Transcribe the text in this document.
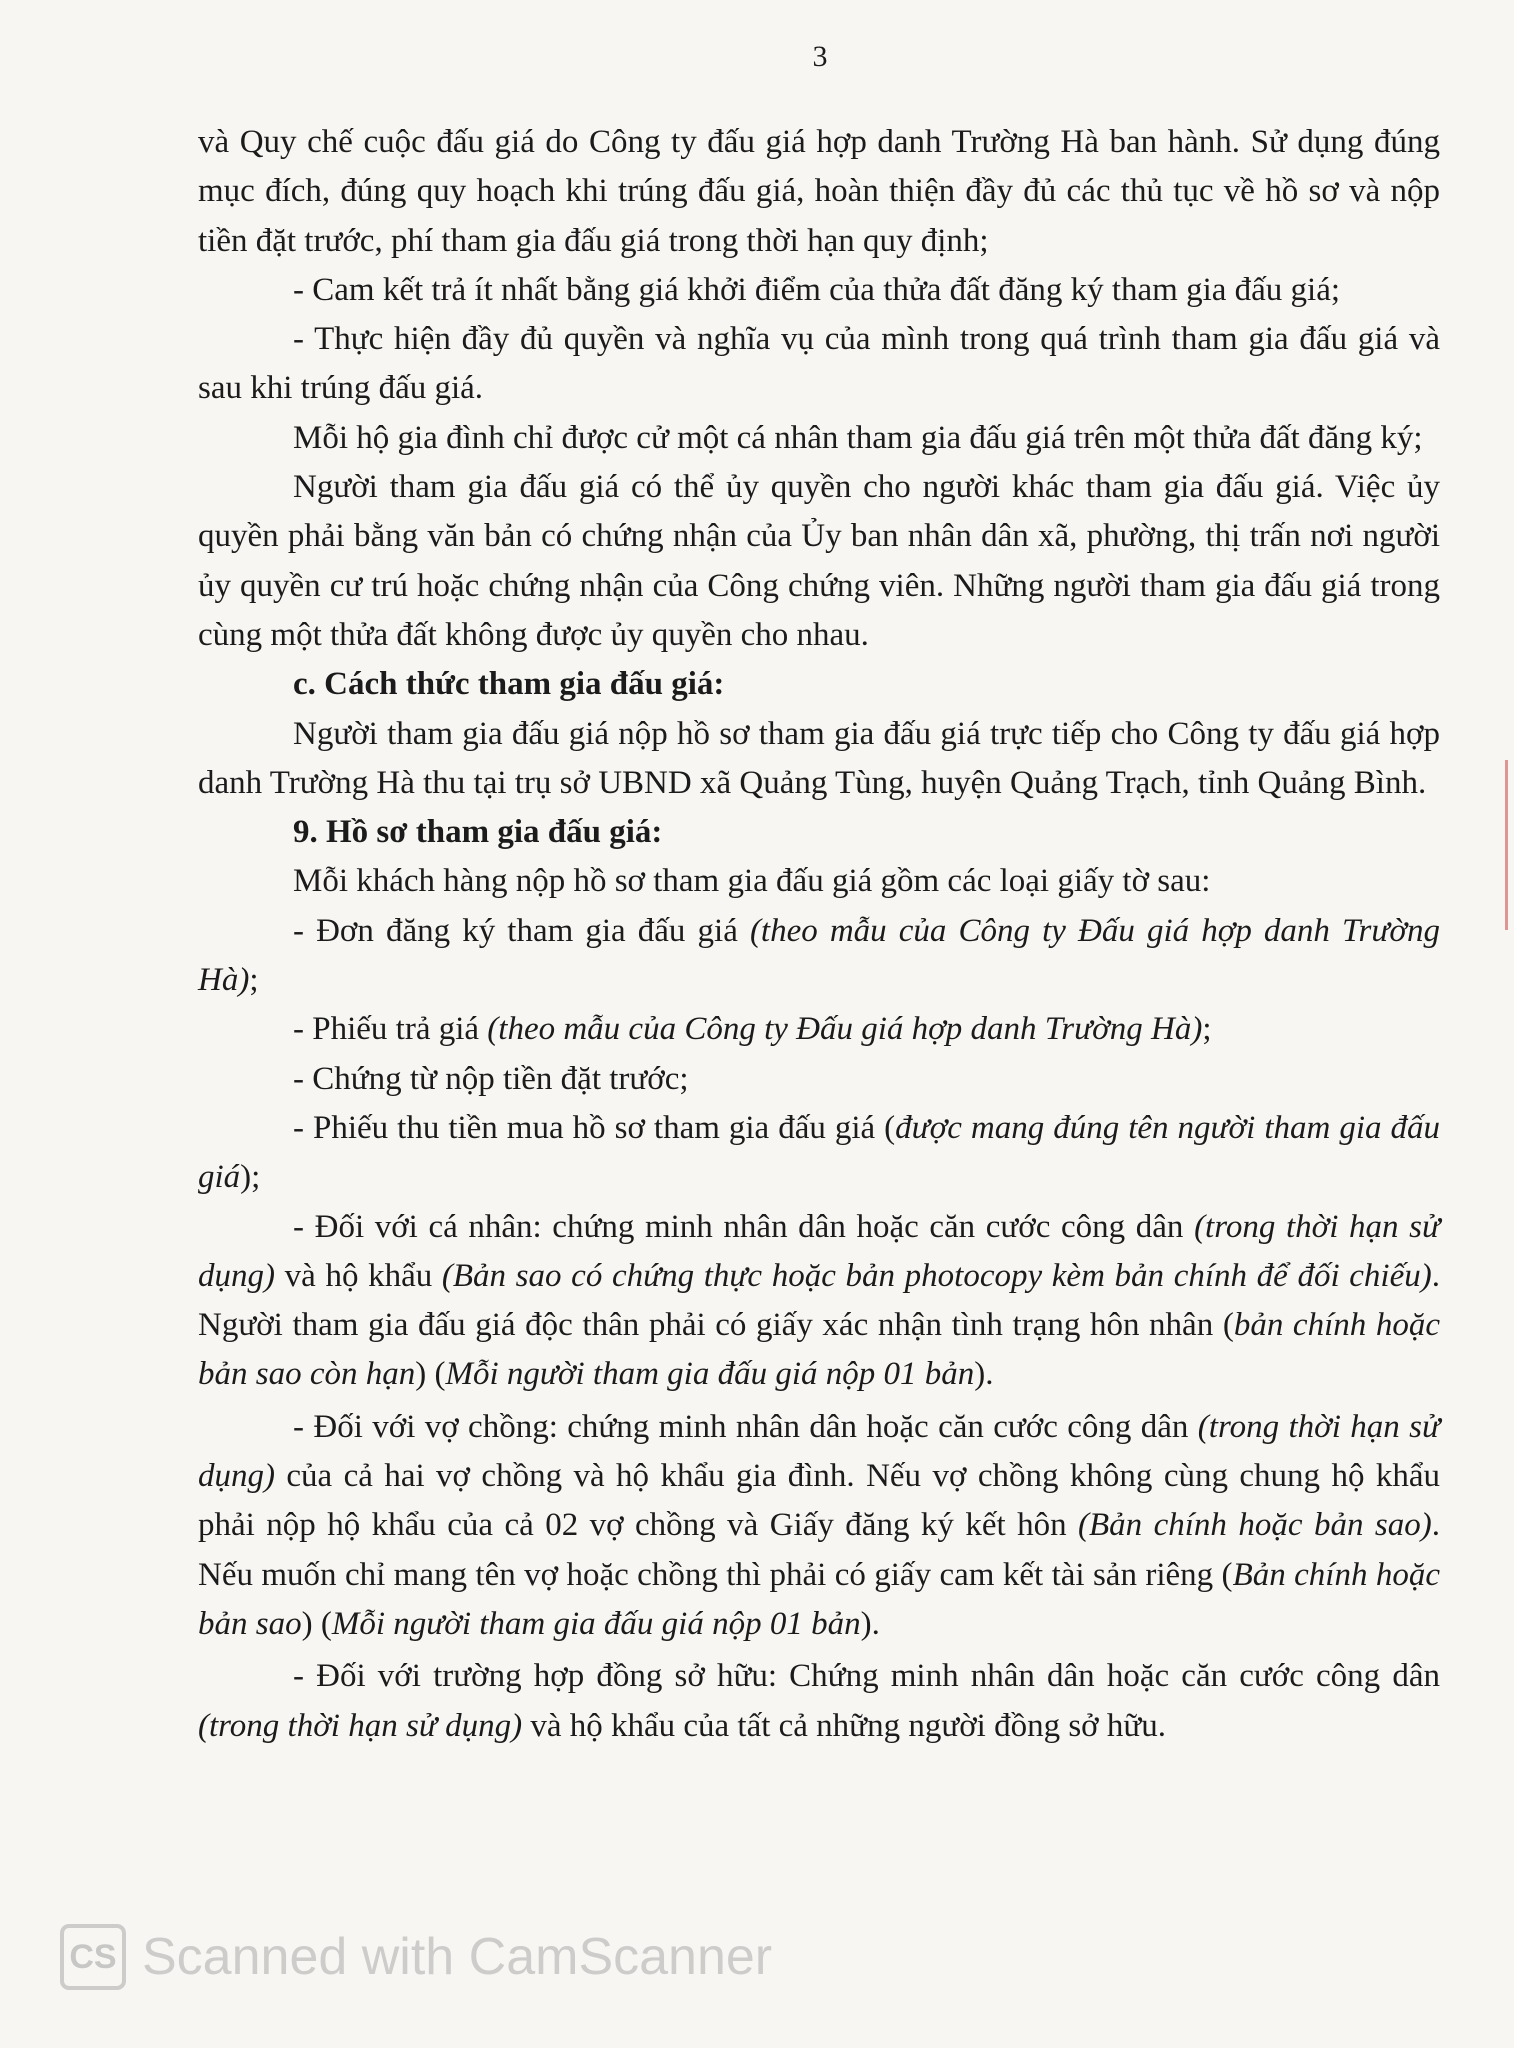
3

và Quy chế cuộc đấu giá do Công ty đấu giá hợp danh Trường Hà ban hành. Sử dụng đúng mục đích, đúng quy hoạch khi trúng đấu giá, hoàn thiện đầy đủ các thủ tục về hồ sơ và nộp tiền đặt trước, phí tham gia đấu giá trong thời hạn quy định;

- Cam kết trả ít nhất bằng giá khởi điểm của thửa đất đăng ký tham gia đấu giá;

- Thực hiện đầy đủ quyền và nghĩa vụ của mình trong quá trình tham gia đấu giá và sau khi trúng đấu giá.

Mỗi hộ gia đình chỉ được cử một cá nhân tham gia đấu giá trên một thửa đất đăng ký;

Người tham gia đấu giá có thể ủy quyền cho người khác tham gia đấu giá. Việc ủy quyền phải bằng văn bản có chứng nhận của Ủy ban nhân dân xã, phường, thị trấn nơi người ủy quyền cư trú hoặc chứng nhận của Công chứng viên. Những người tham gia đấu giá trong cùng một thửa đất không được ủy quyền cho nhau.

c. Cách thức tham gia đấu giá:

Người tham gia đấu giá nộp hồ sơ tham gia đấu giá trực tiếp cho Công ty đấu giá hợp danh Trường Hà thu tại trụ sở UBND xã Quảng Tùng, huyện Quảng Trạch, tỉnh Quảng Bình.

9. Hồ sơ tham gia đấu giá:

Mỗi khách hàng nộp hồ sơ tham gia đấu giá gồm các loại giấy tờ sau:

- Đơn đăng ký tham gia đấu giá (theo mẫu của Công ty Đấu giá hợp danh Trường Hà);

- Phiếu trả giá (theo mẫu của Công ty Đấu giá hợp danh Trường Hà);

- Chứng từ nộp tiền đặt trước;

- Phiếu thu tiền mua hồ sơ tham gia đấu giá (được mang đúng tên người tham gia đấu giá);

- Đối với cá nhân: chứng minh nhân dân hoặc căn cước công dân (trong thời hạn sử dụng) và hộ khẩu (Bản sao có chứng thực hoặc bản photocopy kèm bản chính để đối chiếu). Người tham gia đấu giá độc thân phải có giấy xác nhận tình trạng hôn nhân (bản chính hoặc bản sao còn hạn) (Mỗi người tham gia đấu giá nộp 01 bản).

- Đối với vợ chồng: chứng minh nhân dân hoặc căn cước công dân (trong thời hạn sử dụng) của cả hai vợ chồng và hộ khẩu gia đình. Nếu vợ chồng không cùng chung hộ khẩu phải nộp hộ khẩu của cả 02 vợ chồng và Giấy đăng ký kết hôn (Bản chính hoặc bản sao). Nếu muốn chỉ mang tên vợ hoặc chồng thì phải có giấy cam kết tài sản riêng (Bản chính hoặc bản sao) (Mỗi người tham gia đấu giá nộp 01 bản).

- Đối với trường hợp đồng sở hữu: Chứng minh nhân dân hoặc căn cước công dân (trong thời hạn sử dụng) và hộ khẩu của tất cả những người đồng sở hữu.

CS Scanned with CamScanner
